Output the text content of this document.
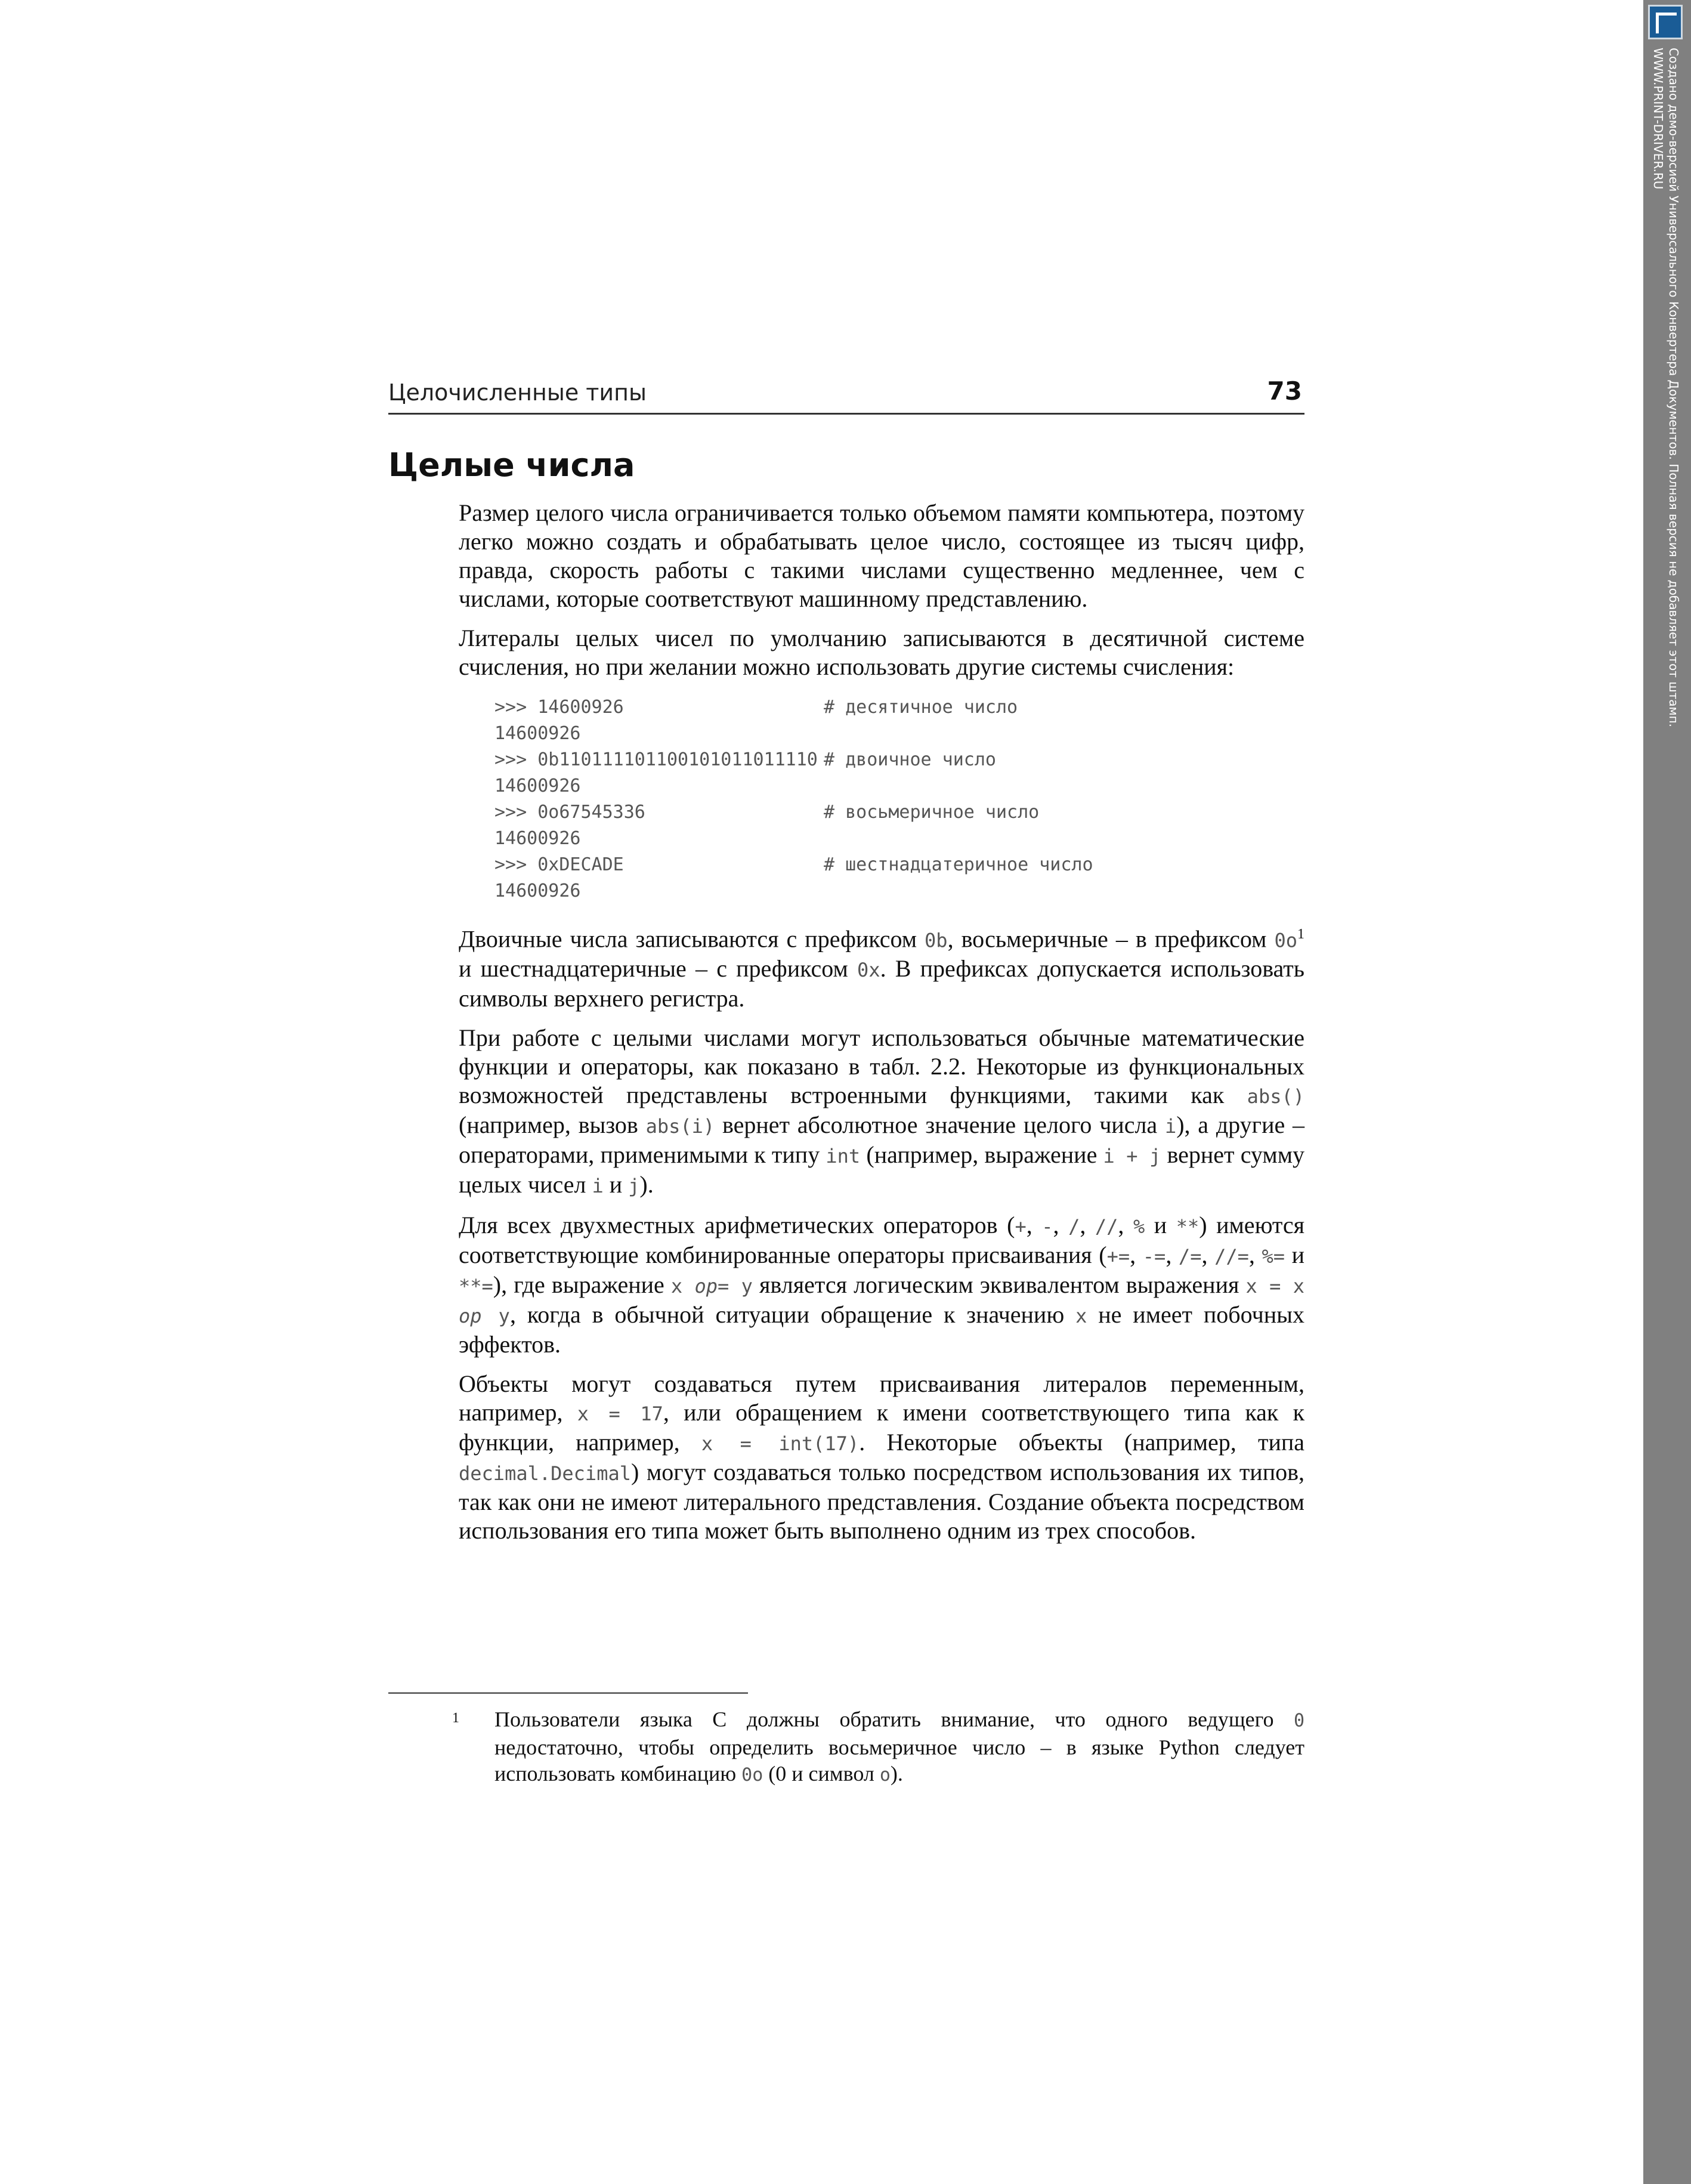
Целочисленные типы	73
Целые числа

Размер целого числа ограничивается только объемом памяти компьютера, поэтому легко можно создать и обрабатывать целое число, состоящее из тысяч цифр, правда, скорость работы с такими числами существенно медленнее, чем с числами, которые соответствуют машинному представлению.

Литералы целых чисел по умолчанию записываются в десятичной системе счисления, но при желании можно использовать другие системы счисления:

>>> 14600926	# десятичное число
14600926
>>> 0b110111101100101011011110 # двоичное число
14600926
>>> 0o67545336	# восьмеричное число
14600926
>>> 0xDECADE	# шестнадцатеричное число
14600926

Двоичные числа записываются с префиксом 0b, восьмеричные – в префиксом $0o^1$ и шестнадцатеричные – с префиксом 0x. В префиксах допускается использовать символы верхнего регистра.

При работе с целыми числами могут использоваться обычные математические функции и операторы, как показано в табл. 2.2. Некоторые из функциональных возможностей представлены встроенными функциями, такими как abs() (например, вызов abs(i) вернет абсолютное значение целого числа i), а другие – операторами, применимыми к типу int (например, выражение i + j вернет сумму целых чисел i и j).

Для всех двухместных арифметических операторов (+, -, /, //, % и **) имеются соответствующие комбинированные операторы присваивания (+=, -=, /=, //=, %= и **=), где выражение x op= y является логическим эквивалентом выражения x = x op y, когда в обычной ситуации обращение к значению x не имеет побочных эффектов.

Объекты могут создаваться путем присваивания литералов переменным, например, x = 17, или обращением к имени соответствующего типа как к функции, например, x = int(17). Некоторые объекты (например, типа decimal.Decimal) могут создаваться только посредством использования их типов, так как они не имеют литерального представления. Создание объекта посредством использования его типа может быть выполнено одним из трех способов.

1 Пользователи языка С должны обратить внимание, что одного ведущего 0 недостаточно, чтобы определить восьмеричное число – в языке Python следует использовать комбинацию 0o (0 и символ o).
Создано демо-версией Универсального Конвертера Документов. Полная версия не добавляет этот штамп.
WWW.PRINT-DRIVER.RU
